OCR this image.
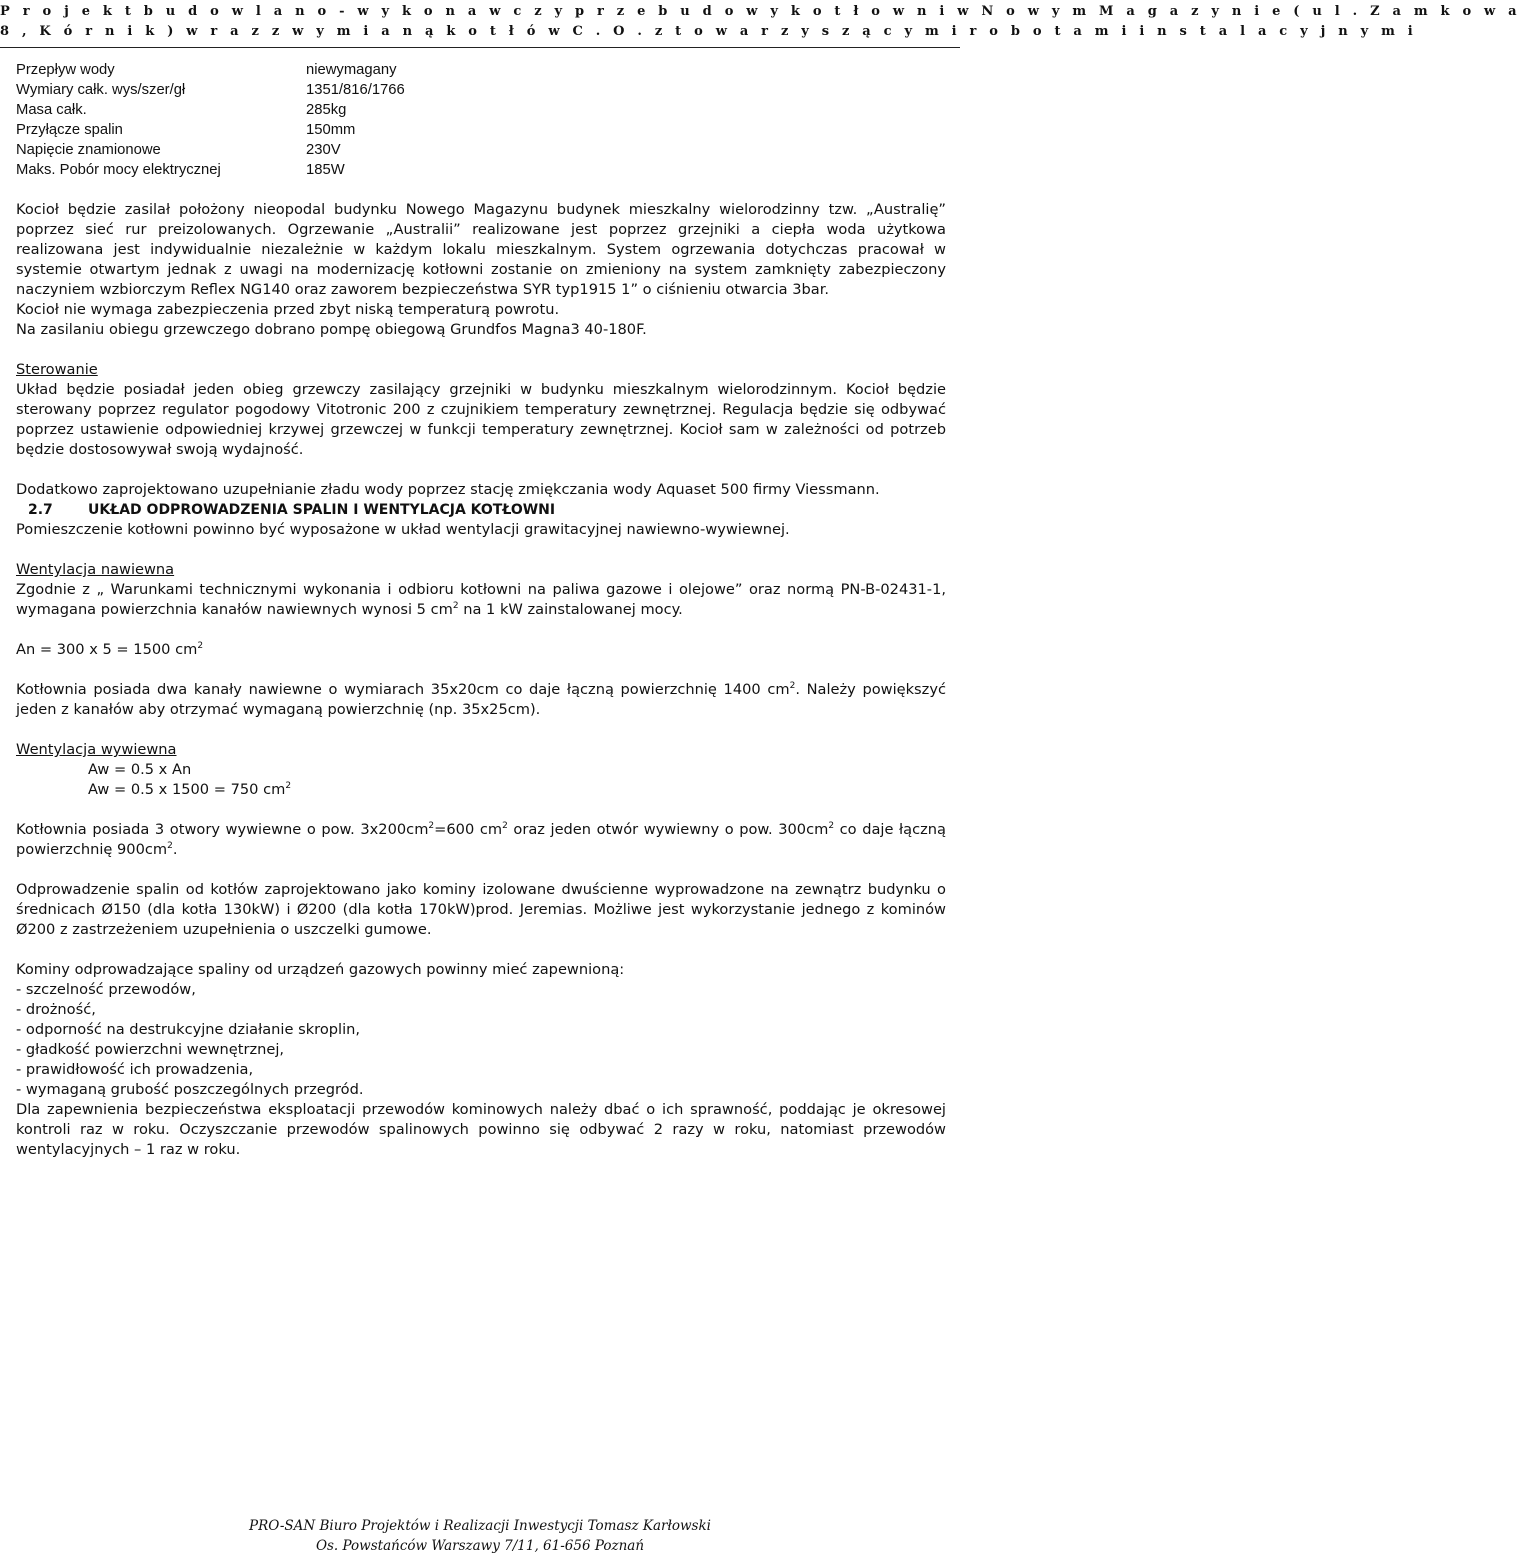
P r o j e k t b u d o w l a n o - w y k o n a w c z y p r z e b u d o w y k o t ł o w n i w N o w y m M a g a z y n i e ( u l . Z a m k o w a
8 , K ó r n i k ) w r a z z w y m i a n ą k o t ł ó w C . O . z t o w a r z y s z ą c y m i r o b o t a m i i n s t a l a c y j n y m i
Przepływ wody	niewymagany
Wymiary całk. wys/szer/gł	1351/816/1766
Masa całk.	285kg
Przyłącze spalin	150mm
Napięcie znamionowe	230V
Maks. Pobór mocy elektrycznej	185W

Kocioł będzie zasilał położony nieopodal budynku Nowego Magazynu budynek mieszkalny wielorodzinny tzw. „Australię” poprzez sieć rur preizolowanych. Ogrzewanie „Australii” realizowane jest poprzez grzejniki a ciepła woda użytkowa realizowana jest indywidualnie niezależnie w każdym lokalu mieszkalnym. System ogrzewania dotychczas pracował w systemie otwartym jednak z uwagi na modernizację kotłowni zostanie on zmieniony na system zamknięty zabezpieczony naczyniem wzbiorczym Reflex NG140 oraz zaworem bezpieczeństwa SYR typ1915 1” o ciśnieniu otwarcia 3bar.

Kocioł nie wymaga zabezpieczenia przed zbyt niską temperaturą powrotu.

Na zasilaniu obiegu grzewczego dobrano pompę obiegową Grundfos Magna3 40-180F.

Sterowanie

Układ będzie posiadał jeden obieg grzewczy zasilający grzejniki w budynku mieszkalnym wielorodzinnym. Kocioł będzie sterowany poprzez regulator pogodowy Vitotronic 200 z czujnikiem temperatury zewnętrznej. Regulacja będzie się odbywać poprzez ustawienie odpowiedniej krzywej grzewczej w funkcji temperatury zewnętrznej. Kocioł sam w zależności od potrzeb będzie dostosowywał swoją wydajność.

Dodatkowo zaprojektowano uzupełnianie zładu wody poprzez stację zmiękczania wody Aquaset 500 firmy Viessmann.

2.7	UKŁAD ODPROWADZENIA SPALIN I WENTYLACJA KOTŁOWNI

Pomieszczenie kotłowni powinno być wyposażone w układ wentylacji grawitacyjnej nawiewno-wywiewnej.

Wentylacja nawiewna

Zgodnie z „ Warunkami technicznymi wykonania i odbioru kotłowni na paliwa gazowe i olejowe” oraz normą PN-B-02431-1, wymagana powierzchnia kanałów nawiewnych wynosi 5 $cm^2$ na 1 kW zainstalowanej mocy.

An = 300 x 5 = 1500 $cm^2$

Kotłownia posiada dwa kanały nawiewne o wymiarach 35x20cm co daje łączną powierzchnię 1400 $cm^2$. Należy powiększyć jeden z kanałów aby otrzymać wymaganą powierzchnię (np. 35x25cm).

Wentylacja wywiewna
Aw = 0.5 x An
Aw = 0.5 x 1500 = 750 $cm^2$

Kotłownia posiada 3 otwory wywiewne o pow. $3x200cm^2=600$ $cm^2$ oraz jeden otwór wywiewny o pow. $300cm^2$ co daje łączną powierzchnię $900cm^2$.

Odprowadzenie spalin od kotłów zaprojektowano jako kominy izolowane dwuścienne wyprowadzone na zewnątrz budynku o średnicach Ø150 (dla kotła 130kW) i Ø200 (dla kotła 170kW)prod. Jeremias. Możliwe jest wykorzystanie jednego z kominów Ø200 z zastrzeżeniem uzupełnienia o uszczelki gumowe.

Kominy odprowadzające spaliny od urządzeń gazowych powinny mieć zapewnioną:

- szczelność przewodów,
- drożność,
- odporność na destrukcyjne działanie skroplin,
- gładkość powierzchni wewnętrznej,
- prawidłowość ich prowadzenia,
- wymaganą grubość poszczególnych przegród.

Dla zapewnienia bezpieczeństwa eksploatacji przewodów kominowych należy dbać o ich sprawność, poddając je okresowej kontroli raz w roku. Oczyszczanie przewodów spalinowych powinno się odbywać 2 razy w roku, natomiast przewodów wentylacyjnych – 1 raz w roku.

PRO-SAN Biuro Projektów i Realizacji Inwestycji Tomasz Karłowski
Os. Powstańców Warszawy 7/11, 61-656 Poznań
